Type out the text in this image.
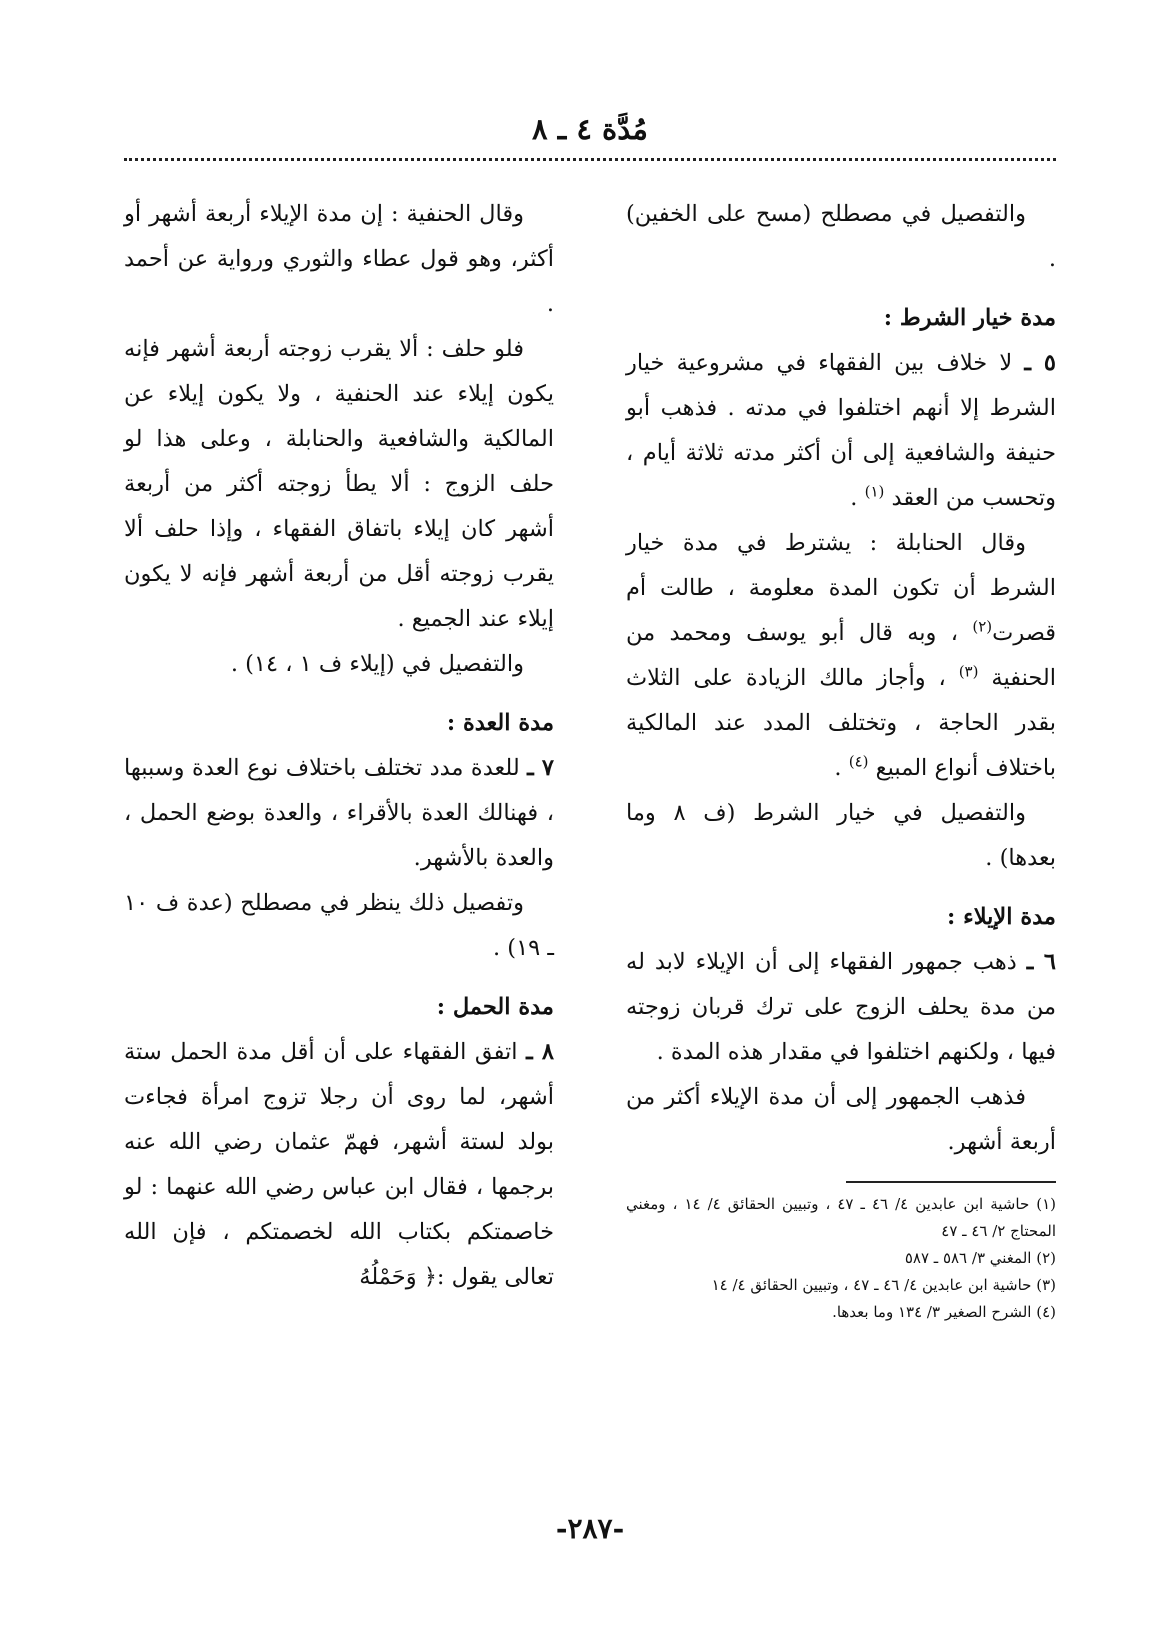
مُدَّة ٤ ـ ٨

والتفصيل في مصطلح (مسح على الخفين) .

مدة خيار الشرط :

٥ ـ لا خلاف بين الفقهاء في مشروعية خيار الشرط إلا أنهم اختلفوا في مدته . فذهب أبو حنيفة والشافعية إلى أن أكثر مدته ثلاثة أيام ، وتحسب من العقد $^{(١)}$ .

وقال الحنابلة : يشترط في مدة خيار الشرط أن تكون المدة معلومة ، طالت أم قصرت$^{(٢)}$ ، وبه قال أبو يوسف ومحمد من الحنفية $^{(٣)}$ ، وأجاز مالك الزيادة على الثلاث بقدر الحاجة ، وتختلف المدد عند المالكية باختلاف أنواع المبيع $^{(٤)}$ .

والتفصيل في خيار الشرط (ف ٨ وما بعدها) .

مدة الإيلاء :

٦ ـ ذهب جمهور الفقهاء إلى أن الإيلاء لابد له من مدة يحلف الزوج على ترك قربان زوجته فيها ، ولكنهم اختلفوا في مقدار هذه المدة .

فذهب الجمهور إلى أن مدة الإيلاء أكثر من أربعة أشهر.

(١) حاشية ابن عابدين ٤/ ٤٦ ـ ٤٧ ، وتبيين الحقائق ٤/ ١٤ ، ومغني المحتاج ٢/ ٤٦ ـ ٤٧
(٢) المغني ٣/ ٥٨٦ ـ ٥٨٧
(٣) حاشية ابن عابدين ٤/ ٤٦ ـ ٤٧ ، وتبيين الحقائق ٤/ ١٤
(٤) الشرح الصغير ٣/ ١٣٤ وما بعدها.

وقال الحنفية : إن مدة الإيلاء أربعة أشهر أو أكثر، وهو قول عطاء والثوري ورواية عن أحمد .

فلو حلف : ألا يقرب زوجته أربعة أشهر فإنه يكون إيلاء عند الحنفية ، ولا يكون إيلاء عن المالكية والشافعية والحنابلة ، وعلى هذا لو حلف الزوج : ألا يطأ زوجته أكثر من أربعة أشهر كان إيلاء باتفاق الفقهاء ، وإذا حلف ألا يقرب زوجته أقل من أربعة أشهر فإنه لا يكون إيلاء عند الجميع .

والتفصيل في (إيلاء ف ١ ، ١٤) .

مدة العدة :

٧ ـ للعدة مدد تختلف باختلاف نوع العدة وسببها ، فهنالك العدة بالأقراء ، والعدة بوضع الحمل ، والعدة بالأشهر.

وتفصيل ذلك ينظر في مصطلح (عدة ف ١٠ ـ ١٩) .

مدة الحمل :

٨ ـ اتفق الفقهاء على أن أقل مدة الحمل ستة أشهر، لما روى أن رجلا تزوج امرأة فجاءت بولد لستة أشهر، فهمّ عثمان رضي الله عنه برجمها ، فقال ابن عباس رضي الله عنهما : لو خاصمتكم بكتاب الله لخصمتكم ، فإن الله تعالى يقول :﴿ وَحَمْلُهُ

-٢٨٧-
